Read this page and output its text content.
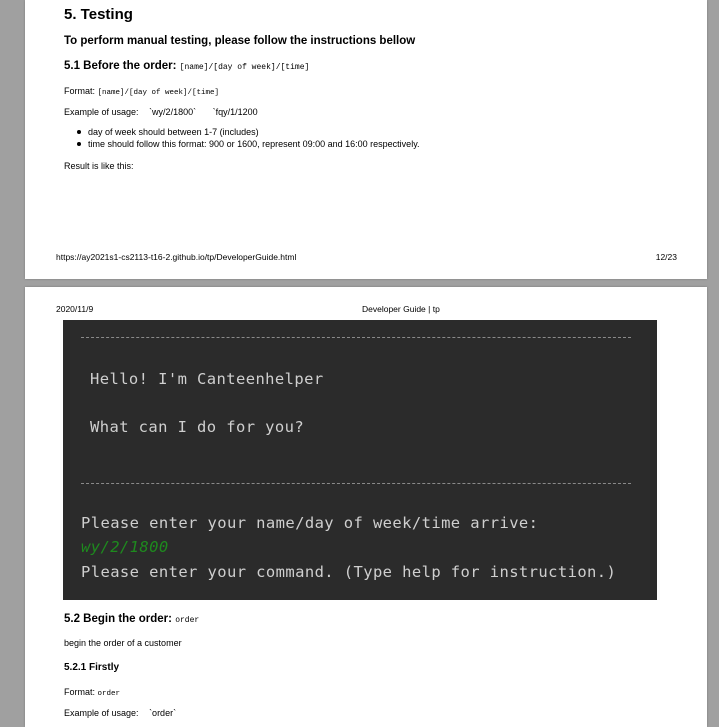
5. Testing
To perform manual testing, please follow the instructions bellow
5.1 Before the order: [name]/[day of week]/[time]
Format: [name]/[day of week]/[time]
Example of usage: `wy/2/1800` `fqy/1/1200
day of week should between 1-7 (includes)
time should follow this format: 900 or 1600, represent 09:00 and 16:00 respectively.
Result is like this:
https://ay2021s1-cs2113-t16-2.github.io/tp/DeveloperGuide.html	12/23
2020/11/9	Developer Guide | tp
Hello! I'm Canteenhelper
What can I do for you?
Please enter your name/day of week/time arrive:
wy/2/1800
Please enter your command. (Type help for instruction.)
5.2 Begin the order: order
begin the order of a customer
5.2.1 Firstly
Format: order
Example of usage: `order`
